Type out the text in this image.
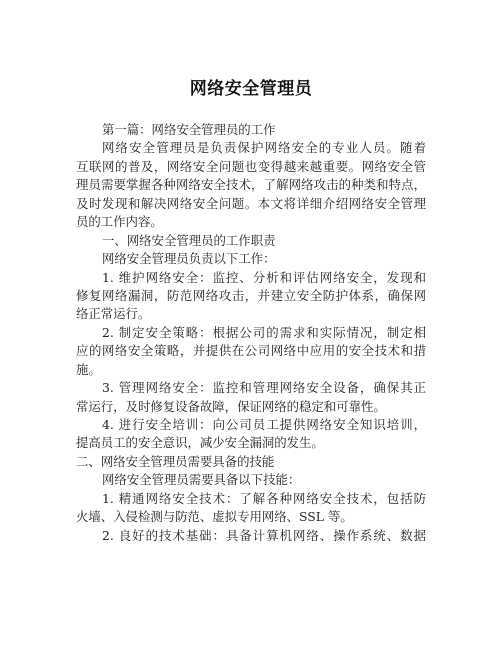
网络安全管理员
第一篇：网络安全管理员的工作
网络安全管理员是负责保护网络安全的专业人员。随着
互联网的普及，网络安全问题也变得越来越重要。网络安全管
理员需要掌握各种网络安全技术，了解网络攻击的种类和特点，
及时发现和解决网络安全问题。本文将详细介绍网络安全管理
员的工作内容。
一、网络安全管理员的工作职责
网络安全管理员负责以下工作：
1. 维护网络安全：监控、分析和评估网络安全，发现和
修复网络漏洞，防范网络攻击，并建立安全防护体系，确保网
络正常运行。
2. 制定安全策略：根据公司的需求和实际情况，制定相
应的网络安全策略，并提供在公司网络中应用的安全技术和措
施。
3. 管理网络安全：监控和管理网络安全设备，确保其正
常运行，及时修复设备故障，保证网络的稳定和可靠性。
4. 进行安全培训：向公司员工提供网络安全知识培训，
提高员工的安全意识，减少安全漏洞的发生。
二、网络安全管理员需要具备的技能
网络安全管理员需要具备以下技能：
1. 精通网络安全技术：了解各种网络安全技术，包括防
火墙、入侵检测与防范、虚拟专用网络、SSL 等。
2. 良好的技术基础：具备计算机网络、操作系统、数据
